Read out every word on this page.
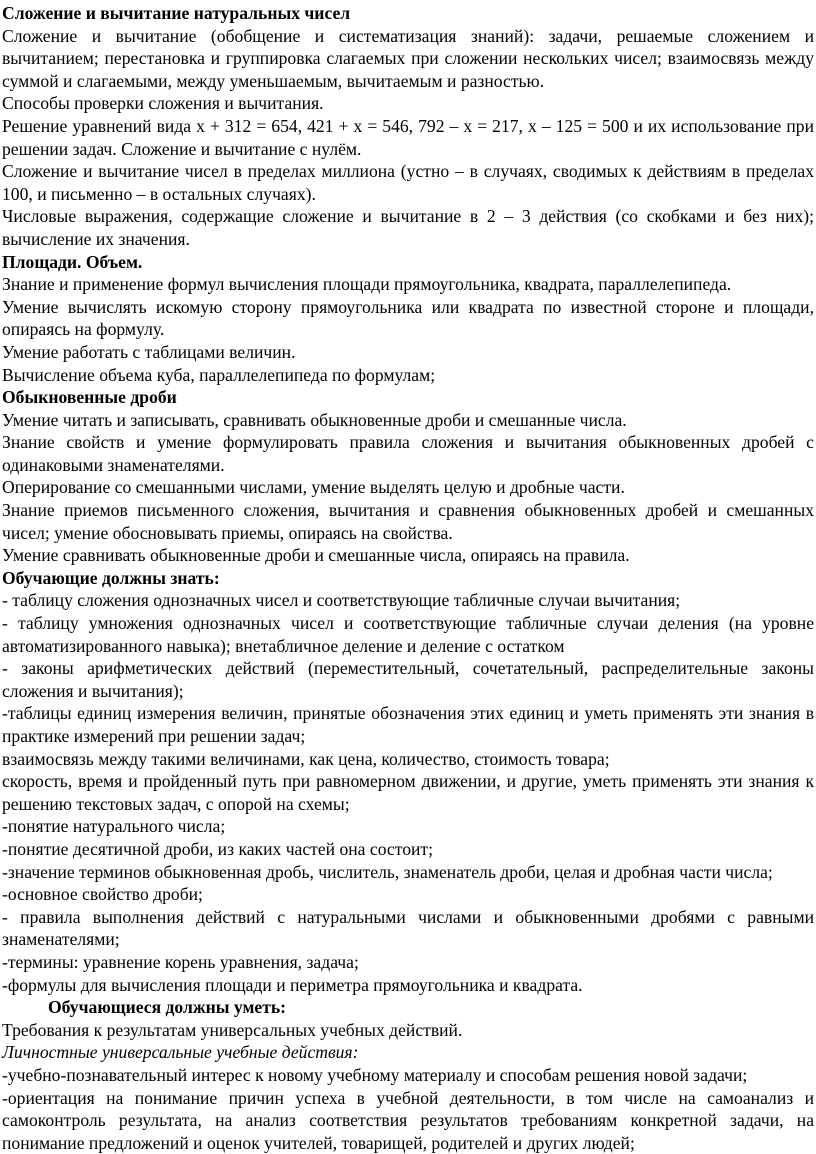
Сложение и вычитание натуральных чисел

Сложение и вычитание (обобщение и систематизация знаний): задачи, решаемые сложением и вычитанием; перестановка и группировка слагаемых при сложении нескольких чисел; взаимосвязь между суммой и слагаемыми, между уменьшаемым, вычитаемым и разностью.

Способы проверки сложения и вычитания.

Решение уравнений вида х + 312 = 654, 421 + х = 546, 792 – х = 217, х – 125 = 500 и их использование при решении задач. Сложение и вычитание с нулём.

Сложение и вычитание чисел в пределах миллиона (устно – в случаях, сводимых к действиям в пределах 100, и письменно – в остальных случаях).

Числовые выражения, содержащие сложение и вычитание в 2 – 3 действия (со скобками и без них); вычисление их значения.

Площади. Объем.

Знание и применение формул вычисления площади прямоугольника, квадрата, параллелепипеда.

Умение вычислять искомую сторону прямоугольника или квадрата по известной стороне и площади, опираясь на формулу.

Умение работать с таблицами величин.

Вычисление объема куба, параллелепипеда по формулам;

Обыкновенные дроби

Умение читать и записывать, сравнивать обыкновенные дроби и смешанные числа.

Знание свойств и умение формулировать правила сложения и вычитания обыкновенных дробей с одинаковыми знаменателями.

Оперирование со смешанными числами, умение выделять целую и дробные части.

Знание приемов письменного сложения, вычитания и сравнения обыкновенных дробей и смешанных чисел; умение обосновывать приемы, опираясь на свойства.

Умение сравнивать обыкновенные дроби и смешанные числа, опираясь на правила.

Обучающие должны знать:

- таблицу сложения однозначных чисел и соответствующие табличные случаи вычитания;

- таблицу умножения однозначных чисел и соответствующие табличные случаи деления (на уровне автоматизированного навыка); внетабличное деление и деление с остатком

- законы арифметических действий (переместительный, сочетательный, распределительные законы сложения и вычитания);

-таблицы единиц измерения величин, принятые обозначения этих единиц и уметь применять эти знания в практике измерений при решении задач;

взаимосвязь между такими величинами, как цена, количество, стоимость товара;

скорость, время и пройденный путь при равномерном движении, и другие, уметь применять эти знания к решению текстовых задач, с опорой на схемы;

-понятие натурального числа;

-понятие десятичной дроби, из каких частей она состоит;

-значение терминов обыкновенная дробь, числитель, знаменатель дроби, целая и дробная части числа;

-основное свойство дроби;

- правила выполнения действий с натуральными числами и обыкновенными дробями с равными знаменателями;

-термины: уравнение корень уравнения, задача;

-формулы для вычисления площади и периметра прямоугольника и квадрата.

Обучающиеся должны уметь:

Требования к результатам универсальных учебных действий.

Личностные универсальные учебные действия:

-учебно-познавательный интерес к новому учебному материалу и способам решения новой задачи;

-ориентация на понимание причин успеха в учебной деятельности, в том числе на самоанализ и самоконтроль результата, на анализ соответствия результатов требованиям конкретной задачи, на понимание предложений и оценок учителей, товарищей, родителей и других людей;
